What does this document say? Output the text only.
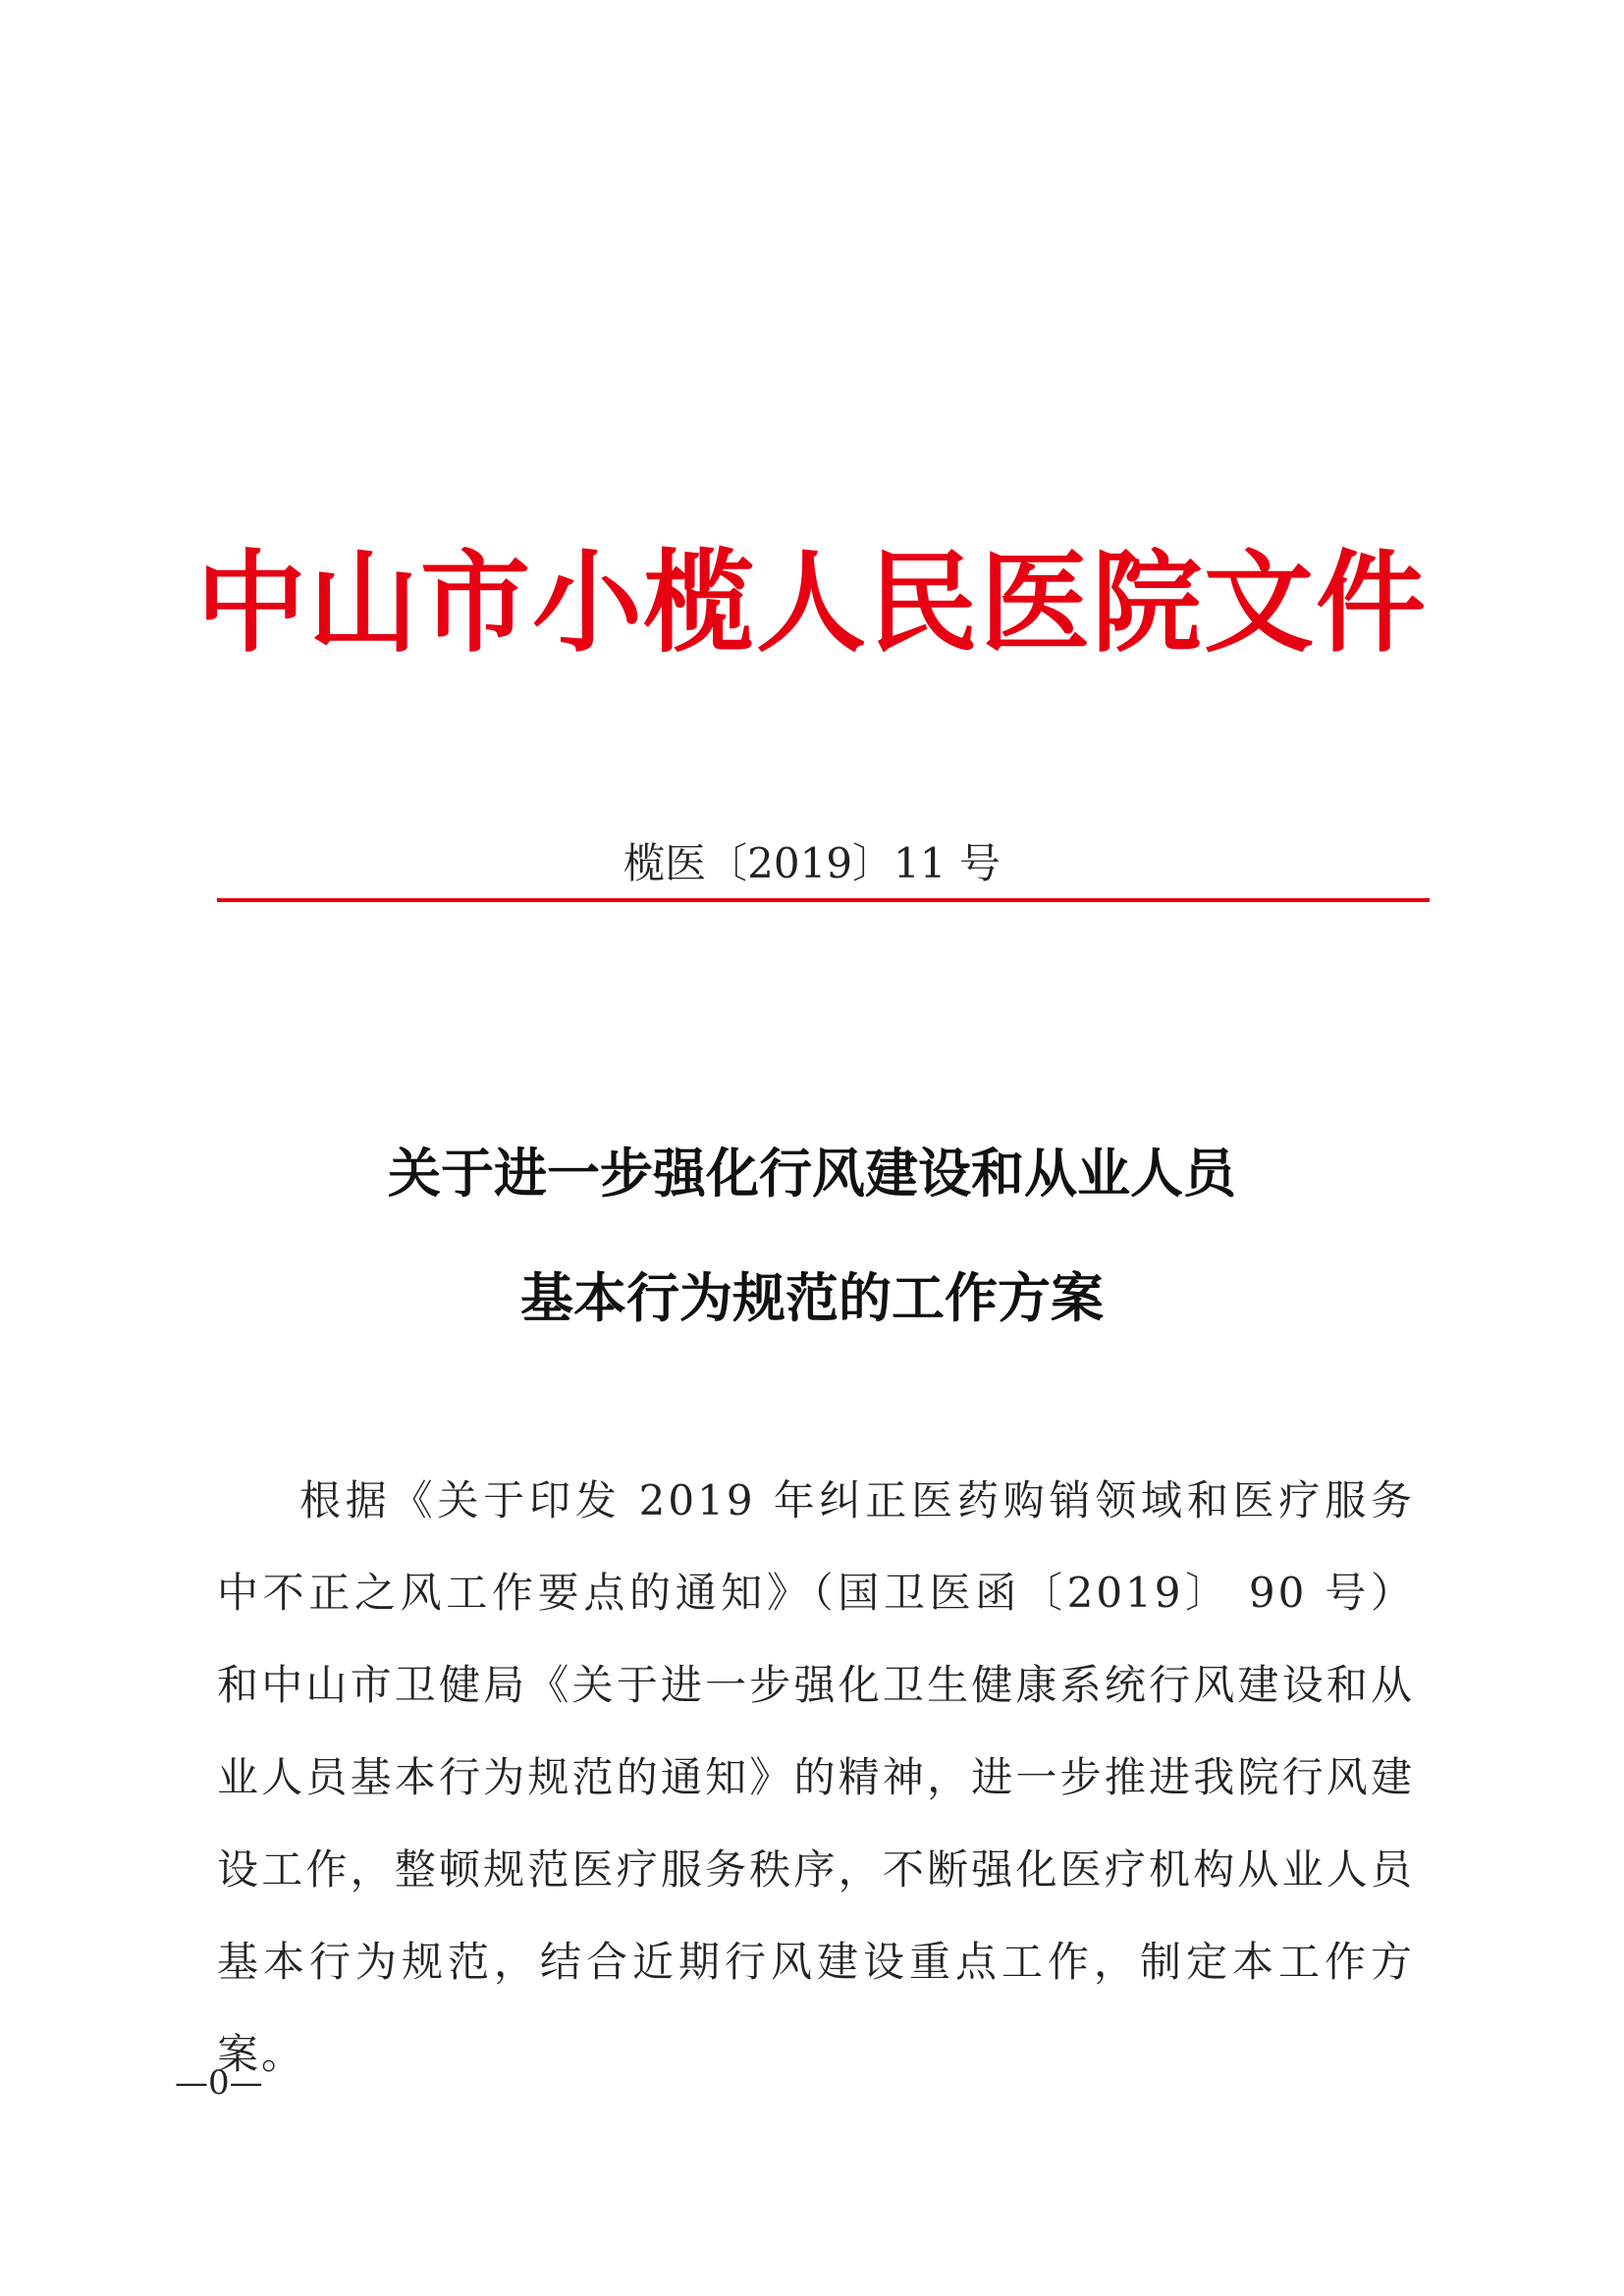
中山市小榄人民医院文件
榄医〔2019〕11 号
关于进一步强化行风建设和从业人员
基本行为规范的工作方案

根据《关于印发 2019 年纠正医药购销领域和医疗服务中不正之风工作要点的通知》（国卫医函〔2019〕 90 号）和中山市卫健局《关于进一步强化卫生健康系统行风建设和从业人员基本行为规范的通知》的精神，进一步推进我院行风建设工作，整顿规范医疗服务秩序，不断强化医疗机构从业人员基本行为规范，结合近期行风建设重点工作，制定本工作方案。

—0—
